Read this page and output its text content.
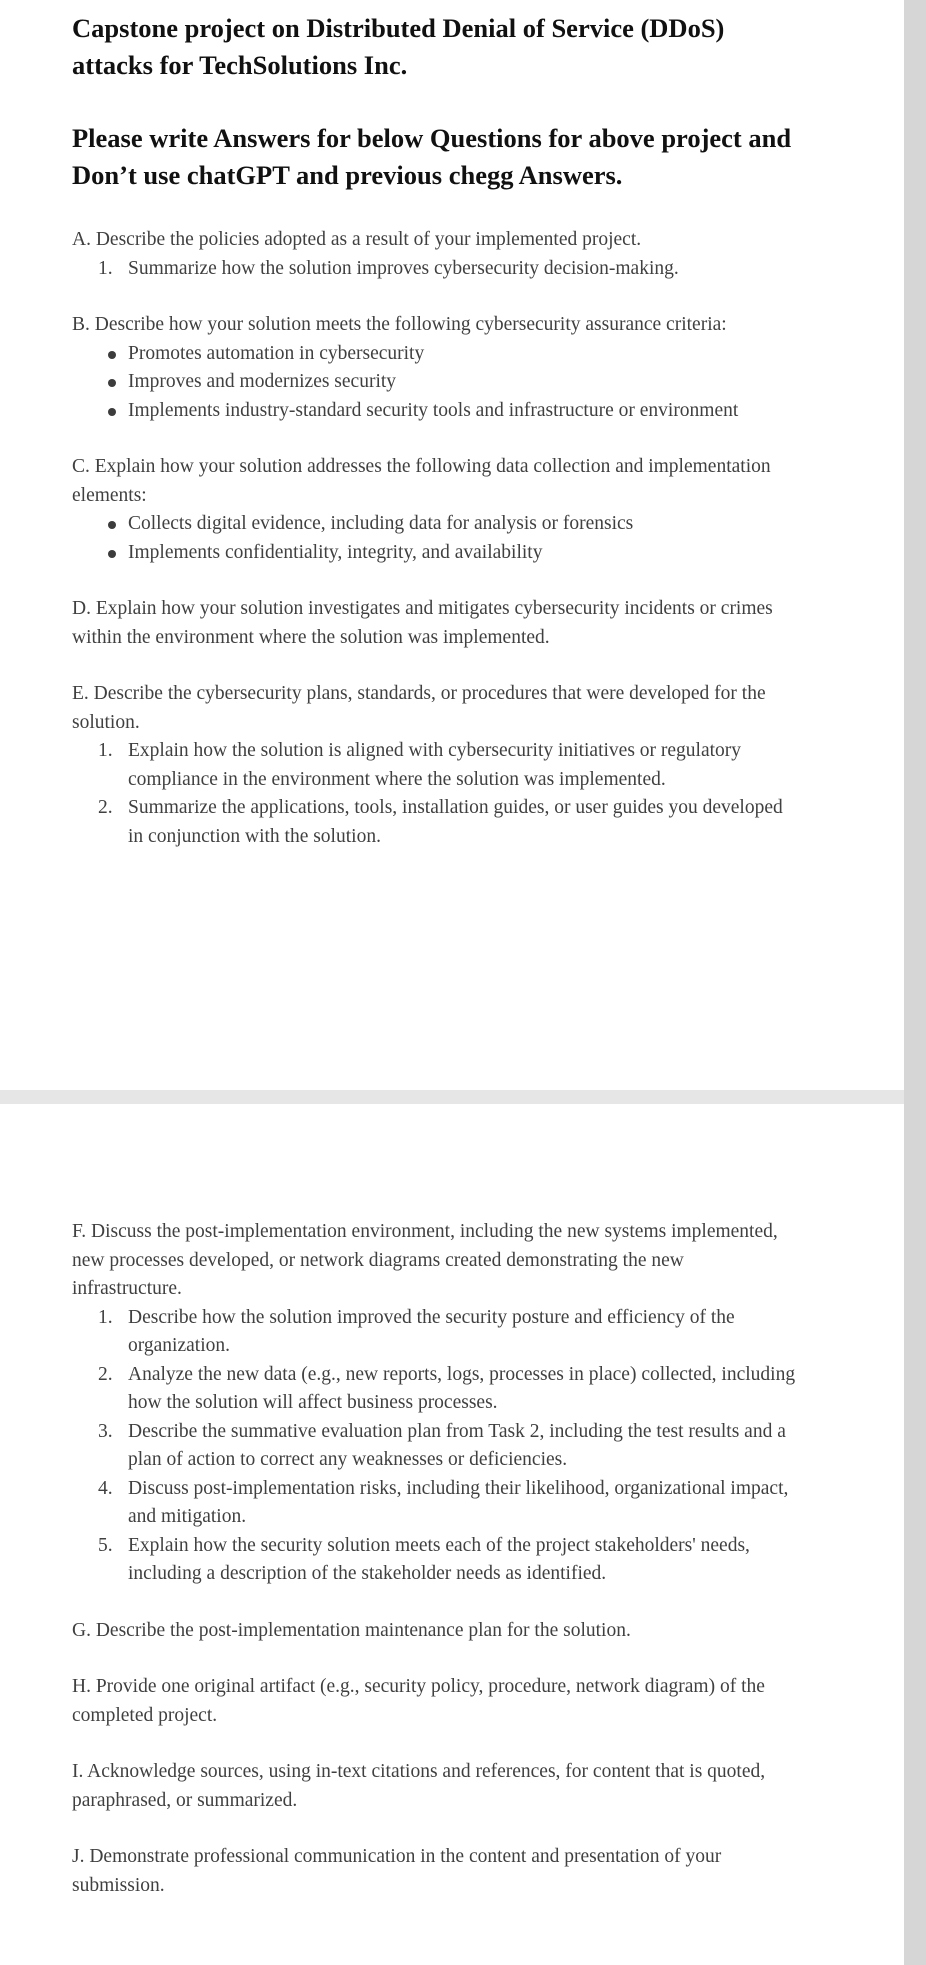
Capstone project on Distributed Denial of Service (DDoS) attacks for TechSolutions Inc.

Please write Answers for below Questions for above project and Don’t use chatGPT and previous chegg Answers.

A. Describe the policies adopted as a result of your implemented project.

1. Summarize how the solution improves cybersecurity decision-making.

B. Describe how your solution meets the following cybersecurity assurance criteria:

Promotes automation in cybersecurity
Improves and modernizes security
Implements industry-standard security tools and infrastructure or environment

C. Explain how your solution addresses the following data collection and implementation elements:

Collects digital evidence, including data for analysis or forensics
Implements confidentiality, integrity, and availability

D. Explain how your solution investigates and mitigates cybersecurity incidents or crimes within the environment where the solution was implemented.

E. Describe the cybersecurity plans, standards, or procedures that were developed for the solution.

1. Explain how the solution is aligned with cybersecurity initiatives or regulatory compliance in the environment where the solution was implemented.
2. Summarize the applications, tools, installation guides, or user guides you developed in conjunction with the solution.

F. Discuss the post-implementation environment, including the new systems implemented, new processes developed, or network diagrams created demonstrating the new infrastructure.

1. Describe how the solution improved the security posture and efficiency of the organization.
2. Analyze the new data (e.g., new reports, logs, processes in place) collected, including how the solution will affect business processes.
3. Describe the summative evaluation plan from Task 2, including the test results and a plan of action to correct any weaknesses or deficiencies.
4. Discuss post-implementation risks, including their likelihood, organizational impact, and mitigation.
5. Explain how the security solution meets each of the project stakeholders' needs, including a description of the stakeholder needs as identified.

G. Describe the post-implementation maintenance plan for the solution.

H. Provide one original artifact (e.g., security policy, procedure, network diagram) of the completed project.

I. Acknowledge sources, using in-text citations and references, for content that is quoted, paraphrased, or summarized.

J. Demonstrate professional communication in the content and presentation of your submission.
